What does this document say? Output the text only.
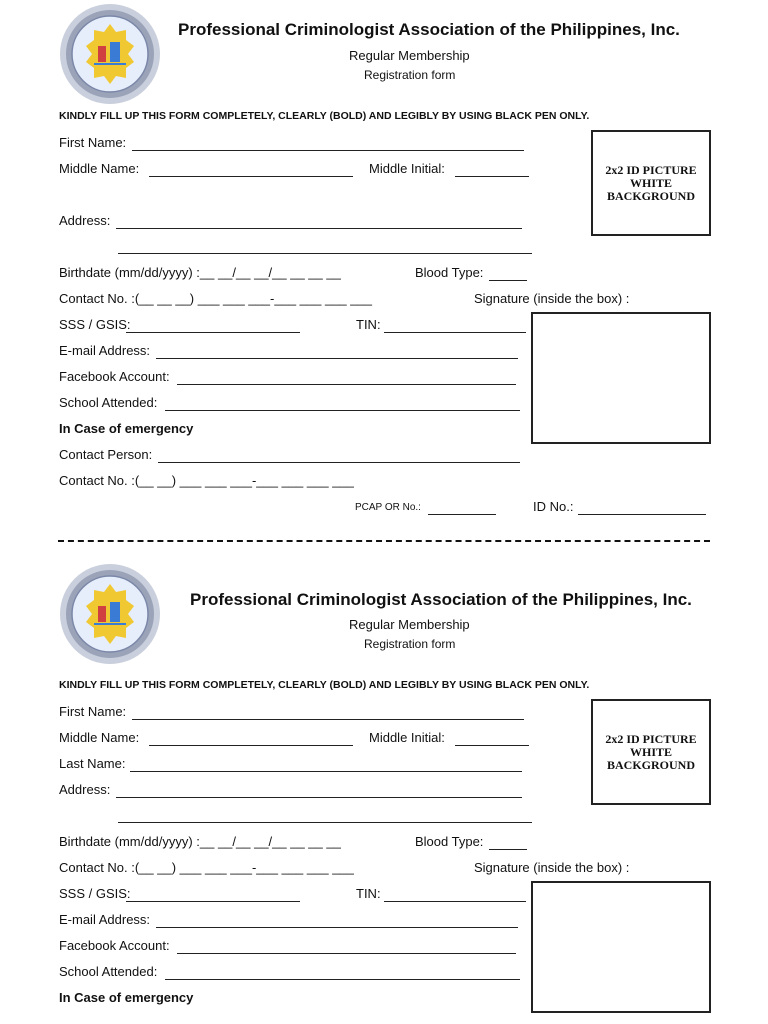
Professional Criminologist Association of the Philippines, Inc.
Regular Membership
Registration form
KINDLY FILL UP THIS FORM COMPLETELY, CLEARLY (BOLD) AND LEGIBLY BY USING BLACK PEN ONLY.
First Name:
Middle Name:	Middle Initial:	2x2 ID PICTURE
WHITE
BACKGROUND
Address:
Birthdate (mm/dd/yyyy) :__ __/__ __/__ __ __ __	Blood Type:
Contact No. :(__ __ __) ___ ___ ___-___ ___ ___ ___	Signature (inside the box) :
SSS / GSIS:	TIN:
E-mail Address:
Facebook Account:
School Attended:
In Case of emergency
Contact Person:
Contact No. :(__ __) ___ ___ ___-___ ___ ___ ___
PCAP OR No.:	ID No.:
Professional Criminologist Association of the Philippines, Inc.
Regular Membership
Registration form
KINDLY FILL UP THIS FORM COMPLETELY, CLEARLY (BOLD) AND LEGIBLY BY USING BLACK PEN ONLY.
First Name:
Middle Name:	Middle Initial:	2x2 ID PICTURE
WHITE
BACKGROUND
Last Name:
Address:
Birthdate (mm/dd/yyyy) :__ __/__ __/__ __ __ __	Blood Type:
Contact No. :(__ __) ___ ___ ___-___ ___ ___ ___	Signature (inside the box) :
SSS / GSIS:	TIN:
E-mail Address:
Facebook Account:
School Attended:
In Case of emergency
